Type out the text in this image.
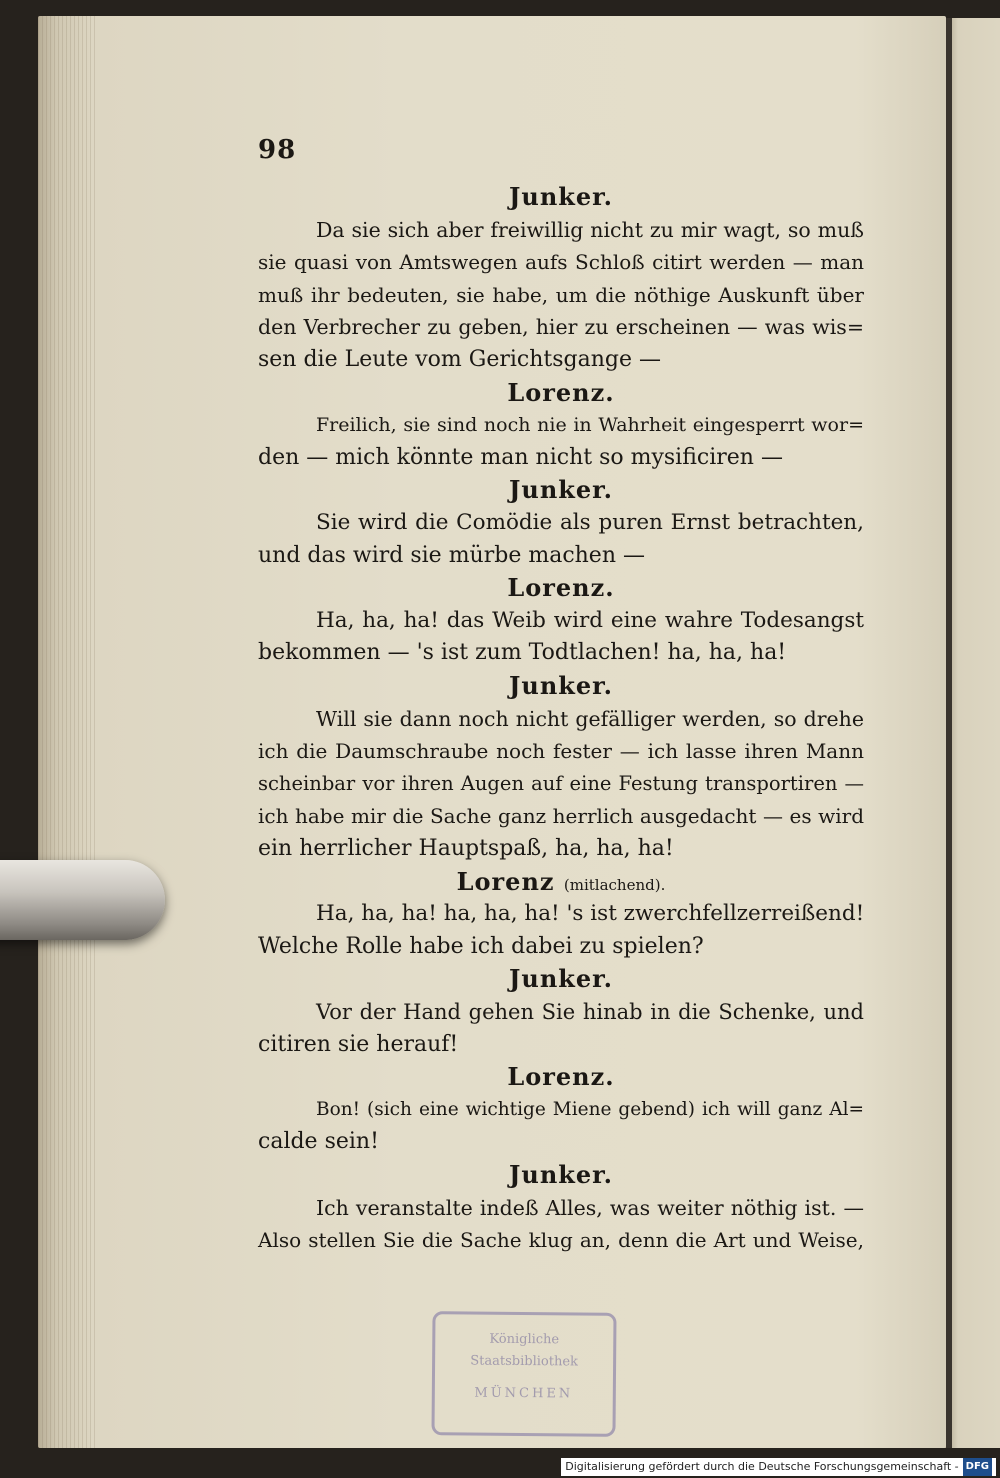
98
Junker.
Da sie sich aber freiwillig nicht zu mir wagt, so muß
sie quasi von Amtswegen aufs Schloß citirt werden — man
muß ihr bedeuten, sie habe, um die nöthige Auskunft über
den Verbrecher zu geben, hier zu erscheinen — was wis=
sen die Leute vom Gerichtsgange —
Lorenz.
Freilich, sie sind noch nie in Wahrheit eingesperrt wor=
den — mich könnte man nicht so mysificiren —
Junker.
Sie wird die Comödie als puren Ernst betrachten,
und das wird sie mürbe machen —
Lorenz.
Ha, ha, ha! das Weib wird eine wahre Todesangst
bekommen — 's ist zum Todtlachen! ha, ha, ha!
Junker.
Will sie dann noch nicht gefälliger werden, so drehe
ich die Daumschraube noch fester — ich lasse ihren Mann
scheinbar vor ihren Augen auf eine Festung transportiren —
ich habe mir die Sache ganz herrlich ausgedacht — es wird
ein herrlicher Hauptspaß, ha, ha, ha!
Lorenz (mitlachend).
Ha, ha, ha! ha, ha, ha! 's ist zwerchfellzerreißend!
Welche Rolle habe ich dabei zu spielen?
Junker.
Vor der Hand gehen Sie hinab in die Schenke, und
citiren sie herauf!
Lorenz.
Bon! (sich eine wichtige Miene gebend) ich will ganz Al=
calde sein!
Junker.
Ich veranstalte indeß Alles, was weiter nöthig ist. —
Also stellen Sie die Sache klug an, denn die Art und Weise,
Königliche
Staatsbibliothek
MÜNCHEN
Digitalisierung gefördert durch die Deutsche Forschungsgemeinschaft - DFG
